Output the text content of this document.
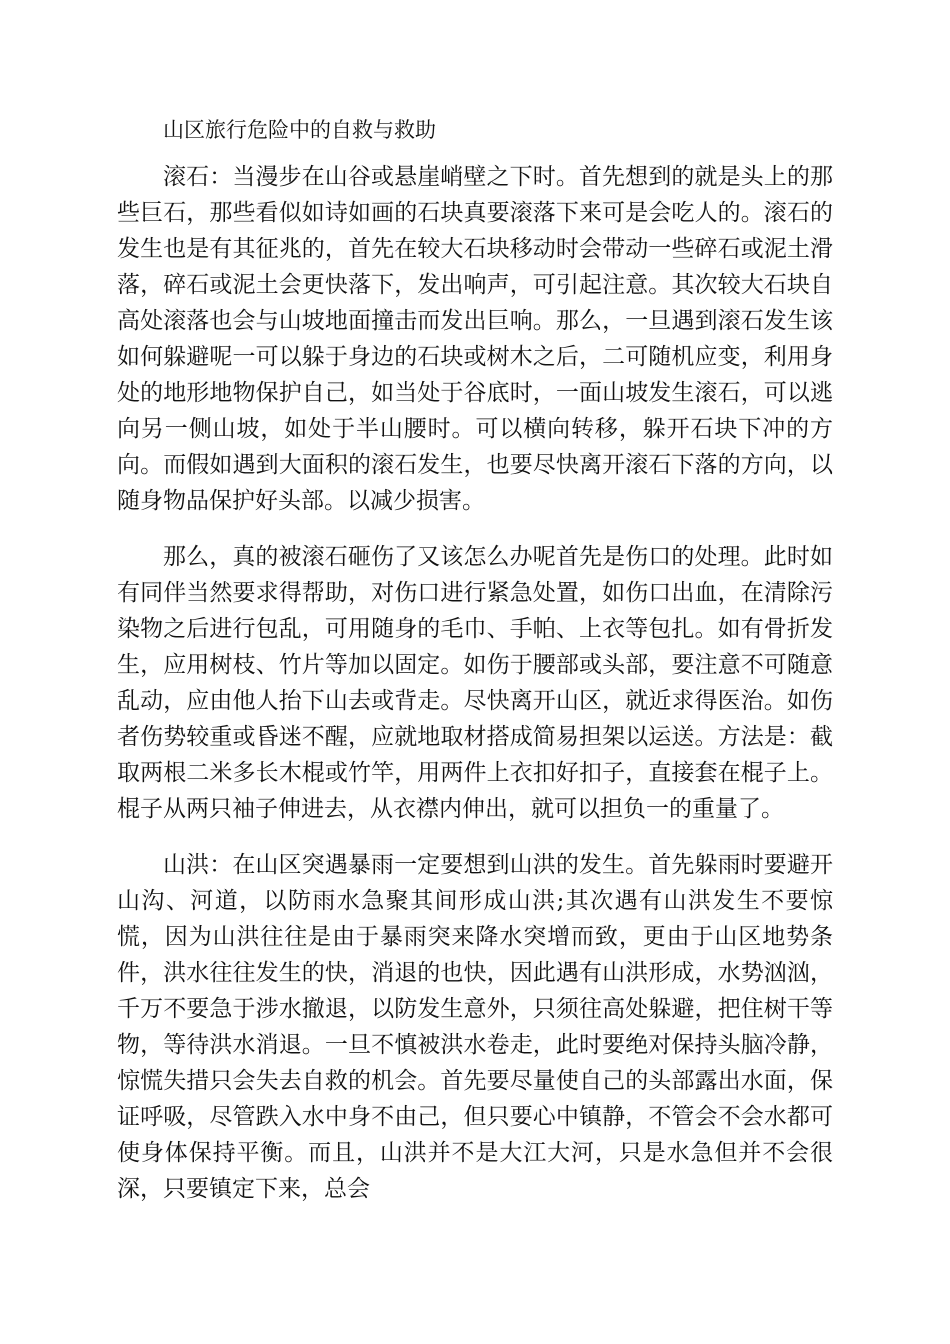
山区旅行危险中的自救与救助

滚石：当漫步在山谷或悬崖峭壁之下时。首先想到的就是头上的那些巨石，那些看似如诗如画的石块真要滚落下来可是会吃人的。滚石的发生也是有其征兆的，首先在较大石块移动时会带动一些碎石或泥土滑落，碎石或泥土会更快落下，发出响声，可引起注意。其次较大石块自高处滚落也会与山坡地面撞击而发出巨响。那么，一旦遇到滚石发生该如何躲避呢一可以躲于身边的石块或树木之后，二可随机应变，利用身处的地形地物保护自己，如当处于谷底时，一面山坡发生滚石，可以逃向另一侧山坡，如处于半山腰时。可以横向转移，躲开石块下冲的方向。而假如遇到大面积的滚石发生，也要尽快离开滚石下落的方向，以随身物品保护好头部。以减少损害。

那么，真的被滚石砸伤了又该怎么办呢首先是伤口的处理。此时如有同伴当然要求得帮助，对伤口进行紧急处置，如伤口出血，在清除污染物之后进行包乱，可用随身的毛巾、手帕、上衣等包扎。如有骨折发生，应用树枝、竹片等加以固定。如伤于腰部或头部，要注意不可随意乱动，应由他人抬下山去或背走。尽快离开山区，就近求得医治。如伤者伤势较重或昏迷不醒，应就地取材搭成简易担架以运送。方法是：截取两根二米多长木棍或竹竿，用两件上衣扣好扣子，直接套在棍子上。棍子从两只袖子伸进去，从衣襟内伸出，就可以担负一的重量了。

山洪：在山区突遇暴雨一定要想到山洪的发生。首先躲雨时要避开山沟、河道，以防雨水急聚其间形成山洪;其次遇有山洪发生不要惊慌，因为山洪往往是由于暴雨突来降水突增而致，更由于山区地势条件，洪水往往发生的快，消退的也快，因此遇有山洪形成，水势汹汹，千万不要急于涉水撤退，以防发生意外，只须往高处躲避，把住树干等物，等待洪水消退。一旦不慎被洪水卷走，此时要绝对保持头脑冷静，惊慌失措只会失去自救的机会。首先要尽量使自己的头部露出水面，保证呼吸，尽管跌入水中身不由己，但只要心中镇静，不管会不会水都可使身体保持平衡。而且，山洪并不是大江大河，只是水急但并不会很深，只要镇定下来，总会
